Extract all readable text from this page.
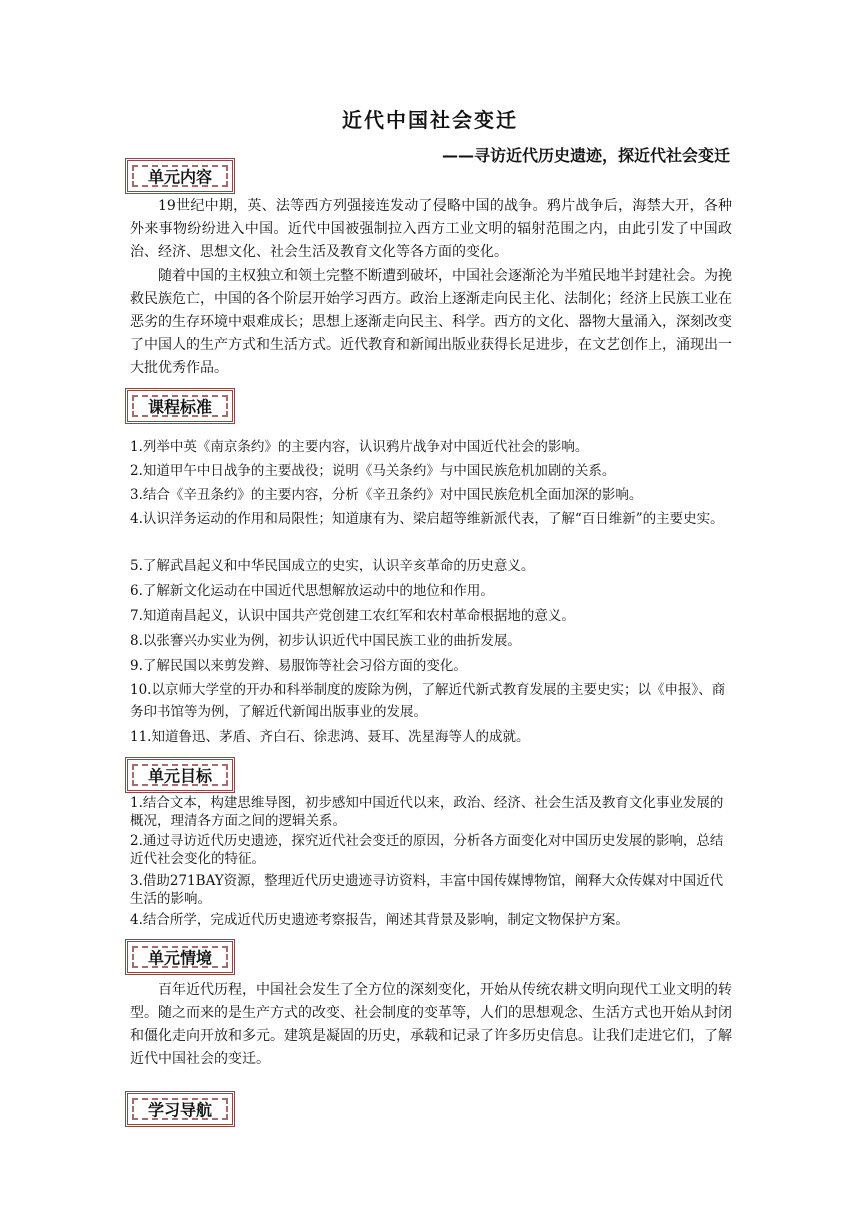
近代中国社会变迁
——寻访近代历史遗迹，探近代社会变迁
单元内容
19世纪中期，英、法等西方列强接连发动了侵略中国的战争。鸦片战争后，海禁大开，各种外来事物纷纷进入中国。近代中国被强制拉入西方工业文明的辐射范围之内，由此引发了中国政治、经济、思想文化、社会生活及教育文化等各方面的变化。
随着中国的主权独立和领土完整不断遭到破坏，中国社会逐渐沦为半殖民地半封建社会。为挽救民族危亡，中国的各个阶层开始学习西方。政治上逐渐走向民主化、法制化；经济上民族工业在恶劣的生存环境中艰难成长；思想上逐渐走向民主、科学。西方的文化、器物大量涌入，深刻改变了中国人的生产方式和生活方式。近代教育和新闻出版业获得长足进步，在文艺创作上，涌现出一大批优秀作品。
课程标准
1.列举中英《南京条约》的主要内容，认识鸦片战争对中国近代社会的影响。
2.知道甲午中日战争的主要战役；说明《马关条约》与中国民族危机加剧的关系。
3.结合《辛丑条约》的主要内容，分析《辛丑条约》对中国民族危机全面加深的影响。
4.认识洋务运动的作用和局限性；知道康有为、梁启超等维新派代表，了解“百日维新”的主要史实。
5.了解武昌起义和中华民国成立的史实，认识辛亥革命的历史意义。
6.了解新文化运动在中国近代思想解放运动中的地位和作用。
7.知道南昌起义，认识中国共产党创建工农红军和农村革命根据地的意义。
8.以张謇兴办实业为例，初步认识近代中国民族工业的曲折发展。
9.了解民国以来剪发辫、易服饰等社会习俗方面的变化。
10.以京师大学堂的开办和科举制度的废除为例，了解近代新式教育发展的主要史实；以《申报》、商务印书馆等为例，了解近代新闻出版事业的发展。
11.知道鲁迅、茅盾、齐白石、徐悲鸿、聂耳、冼星海等人的成就。
单元目标
1.结合文本，构建思维导图，初步感知中国近代以来，政治、经济、社会生活及教育文化事业发展的概况，理清各方面之间的逻辑关系。
2.通过寻访近代历史遗迹，探究近代社会变迁的原因，分析各方面变化对中国历史发展的影响，总结近代社会变化的特征。
3.借助271BAY资源，整理近代历史遗迹寻访资料，丰富中国传媒博物馆，阐释大众传媒对中国近代生活的影响。
4.结合所学，完成近代历史遗迹考察报告，阐述其背景及影响，制定文物保护方案。
单元情境
百年近代历程，中国社会发生了全方位的深刻变化，开始从传统农耕文明向现代工业文明的转型。随之而来的是生产方式的改变、社会制度的变革等，人们的思想观念、生活方式也开始从封闭和僵化走向开放和多元。建筑是凝固的历史，承载和记录了许多历史信息。让我们走进它们，了解近代中国社会的变迁。
学习导航
